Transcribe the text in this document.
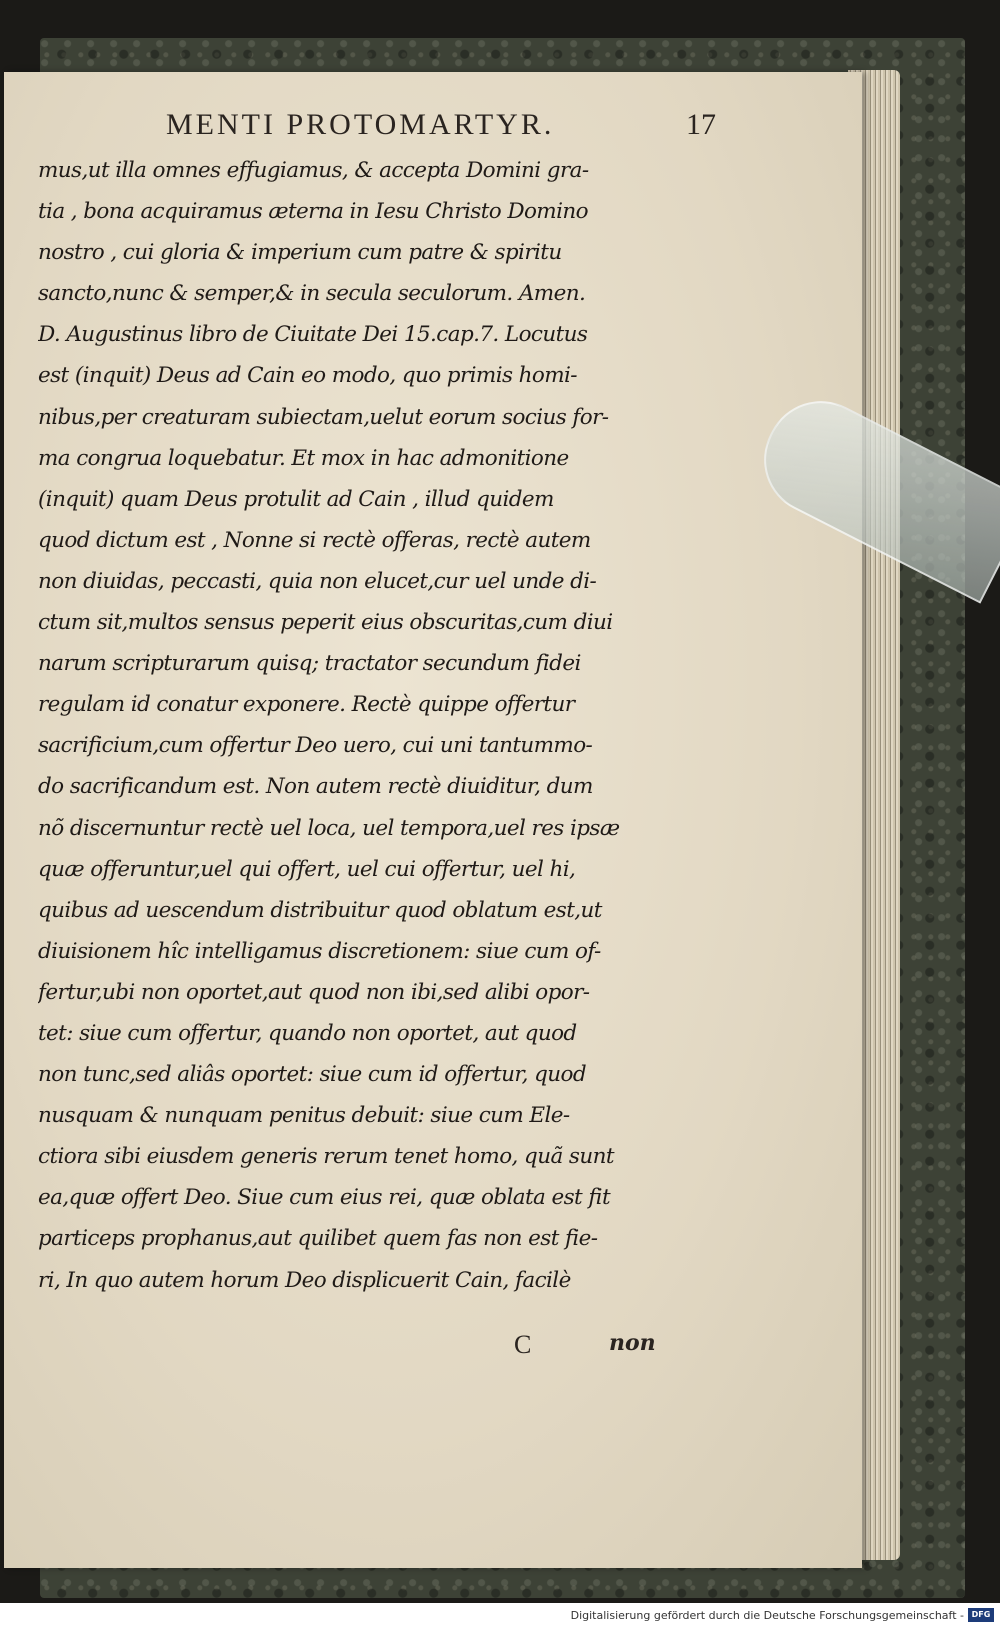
MENTI PROTOMARTYR.	17
mus,ut illa omnes effugiamus, & accepta Domini gra-
tia , bona acquiramus æterna in Iesu Christo Domino
nostro , cui gloria & imperium cum patre & spiritu
sancto,nunc & semper,& in secula seculorum. Amen.
D. Augustinus libro de Ciuitate Dei 15.cap.7. Locutus
est (inquit) Deus ad Cain eo modo, quo primis homi-
nibus,per creaturam subiectam,uelut eorum socius for-
ma congrua loquebatur. Et mox in hac admonitione
(inquit) quam Deus protulit ad Cain , illud quidem
quod dictum est , Nonne si rectè offeras, rectè autem
non diuidas, peccasti, quia non elucet,cur uel unde di-
ctum sit,multos sensus peperit eius obscuritas,cum diui
narum scripturarum quisq; tractator secundum fidei
regulam id conatur exponere. Rectè quippe offertur
sacrificium,cum offertur Deo uero, cui uni tantummo-
do sacrificandum est. Non autem rectè diuiditur, dum
nõ discernuntur rectè uel loca, uel tempora,uel res ipsæ
quæ offeruntur,uel qui offert, uel cui offertur, uel hi,
quibus ad uescendum distribuitur quod oblatum est,ut
diuisionem hîc intelligamus discretionem: siue cum of-
fertur,ubi non oportet,aut quod non ibi,sed alibi opor-
tet: siue cum offertur, quando non oportet, aut quod
non tunc,sed aliâs oportet: siue cum id offertur, quod
nusquam & nunquam penitus debuit: siue cum Ele-
ctiora sibi eiusdem generis rerum tenet homo, quã sunt
ea,quæ offert Deo. Siue cum eius rei, quæ oblata est fit
particeps prophanus,aut quilibet quem fas non est fie-
ri, In quo autem horum Deo displicuerit Cain, facilè
C	non
Digitalisierung gefördert durch die Deutsche Forschungsgemeinschaft - DFG
